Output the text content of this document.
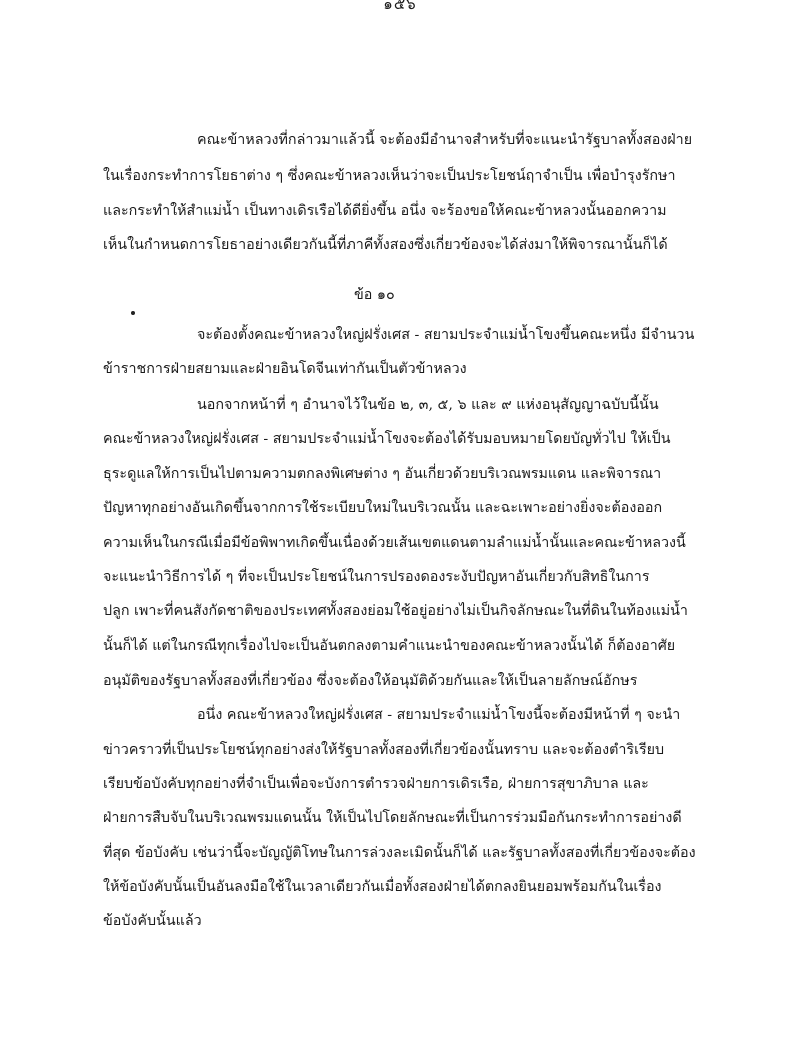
๑๕๖
คณะข้าหลวงที่กล่าวมาแล้วนี้ จะต้องมีอำนาจสำหรับที่จะแนะนำรัฐบาลทั้งสองฝ่าย
ในเรื่องกระทำการโยธาต่าง ๆ ซึ่งคณะข้าหลวงเห็นว่าจะเป็นประโยชน์ฤาจำเป็น เพื่อบำรุงรักษา
และกระทำให้สำแม่น้ำ เป็นทางเดิรเรือได้ดียิ่งขึ้น อนึ่ง จะร้องขอให้คณะข้าหลวงนั้นออกความ
เห็นในกำหนดการโยธาอย่างเดียวกันนี้ที่ภาคีทั้งสองซึ่งเกี่ยวข้องจะได้ส่งมาให้พิจารณานั้นก็ได้
ข้อ ๑๐
จะต้องตั้งคณะข้าหลวงใหญ่ฝรั่งเศส - สยามประจำแม่น้ำโขงขึ้นคณะหนึ่ง มีจำนวน
ข้าราชการฝ่ายสยามและฝ่ายอินโดจีนเท่ากันเป็นตัวข้าหลวง
นอกจากหน้าที่ ๆ อำนาจไว้ในข้อ ๒, ๓, ๕, ๖ และ ๙ แห่งอนุสัญญาฉบับนี้นั้น
คณะข้าหลวงใหญ่ฝรั่งเศส - สยามประจำแม่น้ำโขงจะต้องได้รับมอบหมายโดยบัญทั่วไป ให้เป็น
ธุระดูแลให้การเป็นไปตามความตกลงพิเศษต่าง ๆ อันเกี่ยวด้วยบริเวณพรมแดน และพิจารณา
ปัญหาทุกอย่างอันเกิดขึ้นจากการใช้ระเบียบใหม่ในบริเวณนั้น และฉะเพาะอย่างยิ่งจะต้องออก
ความเห็นในกรณีเมื่อมีข้อพิพาทเกิดขึ้นเนื่องด้วยเส้นเขตแดนตามลำแม่น้ำนั้นและคณะข้าหลวงนี้
จะแนะนำวิธีการได้ ๆ ที่จะเป็นประโยชน์ในการปรองดองระงับปัญหาอันเกี่ยวกับสิทธิในการ
ปลูก เพาะที่คนสังกัดชาติของประเทศทั้งสองย่อมใช้อยู่อย่างไม่เป็นกิจลักษณะในที่ดินในท้องแม่น้ำ
นั้นก็ได้ แต่ในกรณีทุกเรื่องไปจะเป็นอันตกลงตามคำแนะนำของคณะข้าหลวงนั้นได้ ก็ต้องอาศัย
อนุมัติของรัฐบาลทั้งสองที่เกี่ยวข้อง ซึ่งจะต้องให้อนุมัติด้วยกันและให้เป็นลายลักษณ์อักษร
อนึ่ง คณะข้าหลวงใหญ่ฝรั่งเศส - สยามประจำแม่น้ำโขงนี้จะต้องมีหน้าที่ ๆ จะนำ
ข่าวคราวที่เป็นประโยชน์ทุกอย่างส่งให้รัฐบาลทั้งสองที่เกี่ยวข้องนั้นทราบ และจะต้องตำริเรียบ
เรียบข้อบังคับทุกอย่างที่จำเป็นเพื่อจะบังการตำรวจฝ่ายการเดิรเรือ, ฝ่ายการสุขาภิบาล และ
ฝ่ายการสืบจับในบริเวณพรมแดนนั้น ให้เป็นไปโดยลักษณะที่เป็นการร่วมมือกันกระทำการอย่างดี
ที่สุด ข้อบังคับ เช่นว่านี้จะบัญญัติโทษในการล่วงละเมิดนั้นก็ได้ และรัฐบาลทั้งสองที่เกี่ยวข้องจะต้อง
ให้ข้อบังคับนั้นเป็นอันลงมือใช้ในเวลาเดียวกันเมื่อทั้งสองฝ่ายได้ตกลงยินยอมพร้อมกันในเรื่อง
ข้อบังคับนั้นแล้ว
